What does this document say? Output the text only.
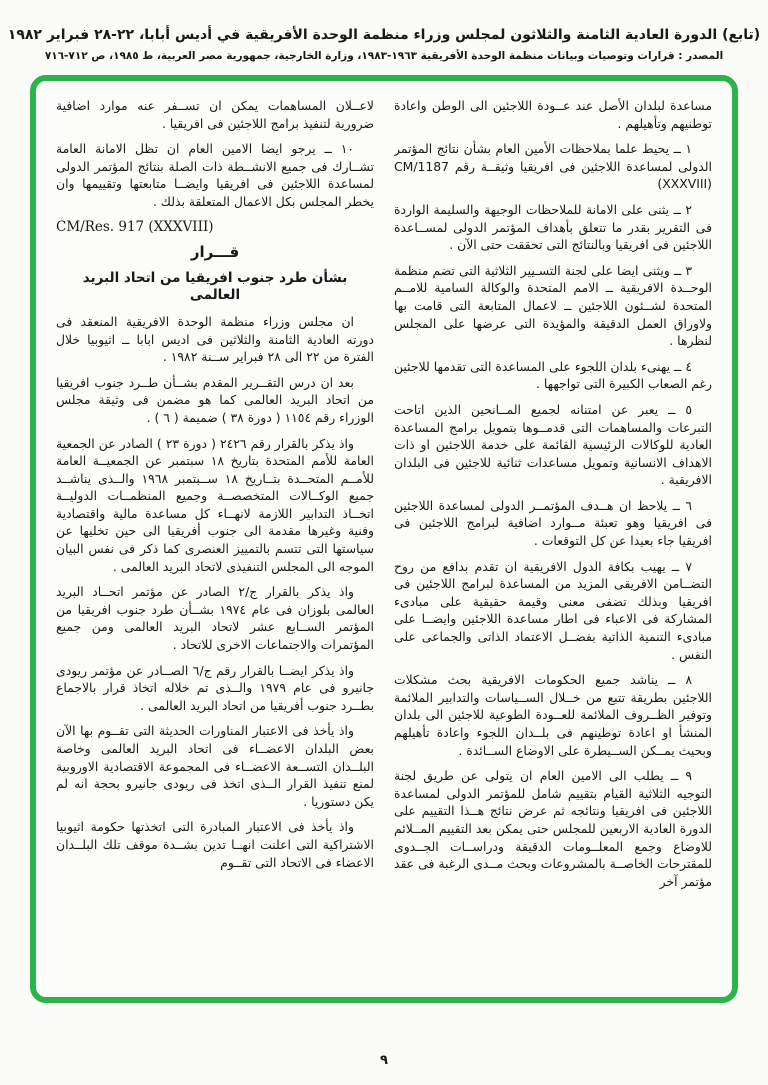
(تابع) الدورة العادية الثامنة والثلاثون لمجلس وزراء منظمة الوحدة الأفريقية في أديس أبابا، ٢٢-٢٨ فبراير ١٩٨٢
المصدر : قرارات وتوصيات وبيانات منظمة الوحدة الأفريقية ١٩٦٣-١٩٨٣، وزارة الخارجية، جمهورية مصر العربية، ط ١٩٨٥، ص ٧١٢-٧١٦

مساعدة لبلدان الأصل عند عــودة اللاجئين الى الوطن واعادة توطنيهم وتأهيلهم .

١ ــ يحيط علما بملاحظات الأمين العام بشأن نتائج المؤتمر الدولى لمساعدة اللاجئين فى افريقيا وثيقــة رقم CM/1187 (XXXVIII)

٢ ــ يثنى على الامانة للملاحظات الوجيهة والسليمة الواردة فى التقرير بقدر ما تتعلق بأهداف المؤتمر الدولى لمســاعدة اللاجئين فى افريقيا وبالنتائج التى تحققت حتى الآن .

٣ ــ ويثنى ايضا على لجنة التسـيير الثلاثية التى تضم منظمة الوحــدة الافريقية ــ الامم المتحدة والوكالة السامية للامــم المتحدة لشــئون اللاجئين ــ لاعمال المتابعة التى قامت بها ولاوراق العمل الدقيقة والمؤيدة التى عرضها على المجلس لنظرها .

٤ ــ يهنىء بلدان اللجوء على المساعدة التى تقدمها للاجئين رغم الصعاب الكبيرة التى تواجهها .

٥ ــ يعبر عن امتنانه لجميع المــانحين الذين اتاحت التبرعات والمساهمات التى قدمــوها بتمويل برامج المساعدة العادية للوكالات الرئيسية القائمة على خدمة اللاجئين او ذات الاهداف الانسانية وتمويل مساعدات ثنائية للاجئين فى البلدان الافريقية .

٦ ــ يلاحظ ان هــدف المؤتمــر الدولى لمساعدة اللاجئين فى افريقيا وهو تعبئة مــوارد اضافية لبرامج اللاجئين فى افريقيا جاء بعيدا عن كل التوقعات .

٧ ــ يهيب بكافة الدول الافريقية ان تقدم بدافع من روح التضــامن الافريقى المزيد من المساعدة لبرامج اللاجئين فى افريقيا وبذلك تضفى معنى وقيمة حقيقية على مبادىء المشاركة فى الاعباء فى اطار مساعدة اللاجئين وايضــا على مبادىء التنمية الذاتية بفضــل الاعتماد الذاتى والجماعى على النفس .

٨ ــ يناشد جميع الحكومات الافريقية بحث مشكلات اللاجئين بطريقة تتبع من خــلال الســياسات والتدابير الملائمة وتوفير الظــروف الملائمة للعــودة الطوعية للاجئين الى بلدان المنشأ او اعادة توطينهم فى بلــدان اللجوء واعادة تأهيلهم وبحيث يمــكن الســيطرة على الاوضاع الســائدة .

٩ ــ يطلب الى الامين العام ان يتولى عن طريق لجنة التوجيه الثلاثية القيام بتقييم شامل للمؤتمر الدولى لمساعدة اللاجئين فى افريقيا ونتائجه ثم عرض نتائج هــذا التقييم على الدورة العادية الاربعين للمجلس حتى يمكن بعد التقييم المــلائم للاوضاع وجمع المعلــومات الدقيقة ودراســات الجــدوى للمقترحات الخاصــة بالمشروعات وبحث مــدى الرغبة فى عقد مؤتمر آخر

لاعــلان المساهمات يمكن ان تســفر عنه موارد اضافية ضرورية لتنفيذ برامج اللاجئين فى افريقيا .

١٠ ــ يرجو ايضا الامين العام ان تظل الامانة العامة تشــارك فى جميع الانشــطة ذات الصلة بنتائج المؤتمر الدولى لمساعدة اللاجئين فى افريقيا وايضــا متابعتها وتقييمها وان يخطر المجلس بكل الاعمال المتعلقة بذلك .

CM/Res. 917 (XXXVIII)

قـــرار

بشأن طرد جنوب افريقيا من اتحاد البريد العالمى

ان مجلس وزراء منظمة الوحدة الافريقية المنعقد فى دورته العادية الثامنة والثلاثين فى اديس ابابا ــ اثيوبيا خلال الفترة من ٢٢ الى ٢٨ فبراير ســنة ١٩٨٢ .

بعد ان درس التقــرير المقدم بشــأن طــرد جنوب افريقيا من اتحاد البريد العالمى كما هو مضمن فى وثيقة مجلس الوزراء رقم ١١٥٤ ( دورة ٣٨ ) ضميمة ( ٦ ) .

واذ يذكر بالقرار رقم ٢٤٢٦ ( دورة ٢٣ ) الصادر عن الجمعية العامة للأمم المتحدة بتاريخ ١٨ سبتمبر عن الجمعيــة العامة للأمــم المتحــدة بتــاريخ ١٨ ســبتمبر ١٩٦٨ والــذى يناشــد جميع الوكــالات المتخصصــة وجميع المنظمــات الدوليــة اتخــاذ التدابير اللازمة لانهــاء كل مساعدة مالية واقتصادية وفنية وغيرها مقدمة الى جنوب أفريقيا الى حين تخليها عن سياستها التى تتسم بالتمييز العنصرى كما ذكر فى نفس البيان الموجه الى المجلس التنفيذى لاتحاد البريد العالمى .

واذ يذكر بالقرار ج/٢ الصادر عن مؤتمر اتحــاد البريد العالمى بلوزان فى عام ١٩٧٤ بشــأن طرد جنوب افريقيا من المؤتمر الســابع عشر لاتحاد البريد العالمى ومن جميع المؤتمرات والاجتماعات الاخرى للاتحاد .

واذ يذكر ايضــا بالقرار رقم ج/٦ الصــادر عن مؤتمر ريودى جانيرو فى عام ١٩٧٩ والــذى تم خلاله اتخاذ قرار بالاجماع بطــرد جنوب أفريقيا من اتحاد البريد العالمى .

واذ يأخذ فى الاعتبار المناورات الحديثة التى تقــوم بها الآن بعض البلدان الاعضــاء فى اتحاد البريد العالمى وخاصة البلــدان التســعة الاعضــاء فى المجموعة الاقتصادية الاوروبية لمنع تنفيذ القرار الــذى اتخذ فى ريودى جانيرو بحجة انه لم يكن دستوريا .

واذ يأخذ فى الاعتبار المبادرة التى اتخذتها حكومة اثيوبيا الاشتراكية التى اعلنت انهــا تدين بشــدة موقف تلك البلــدان الاعضاء فى الاتحاد التى تقــوم

٩
